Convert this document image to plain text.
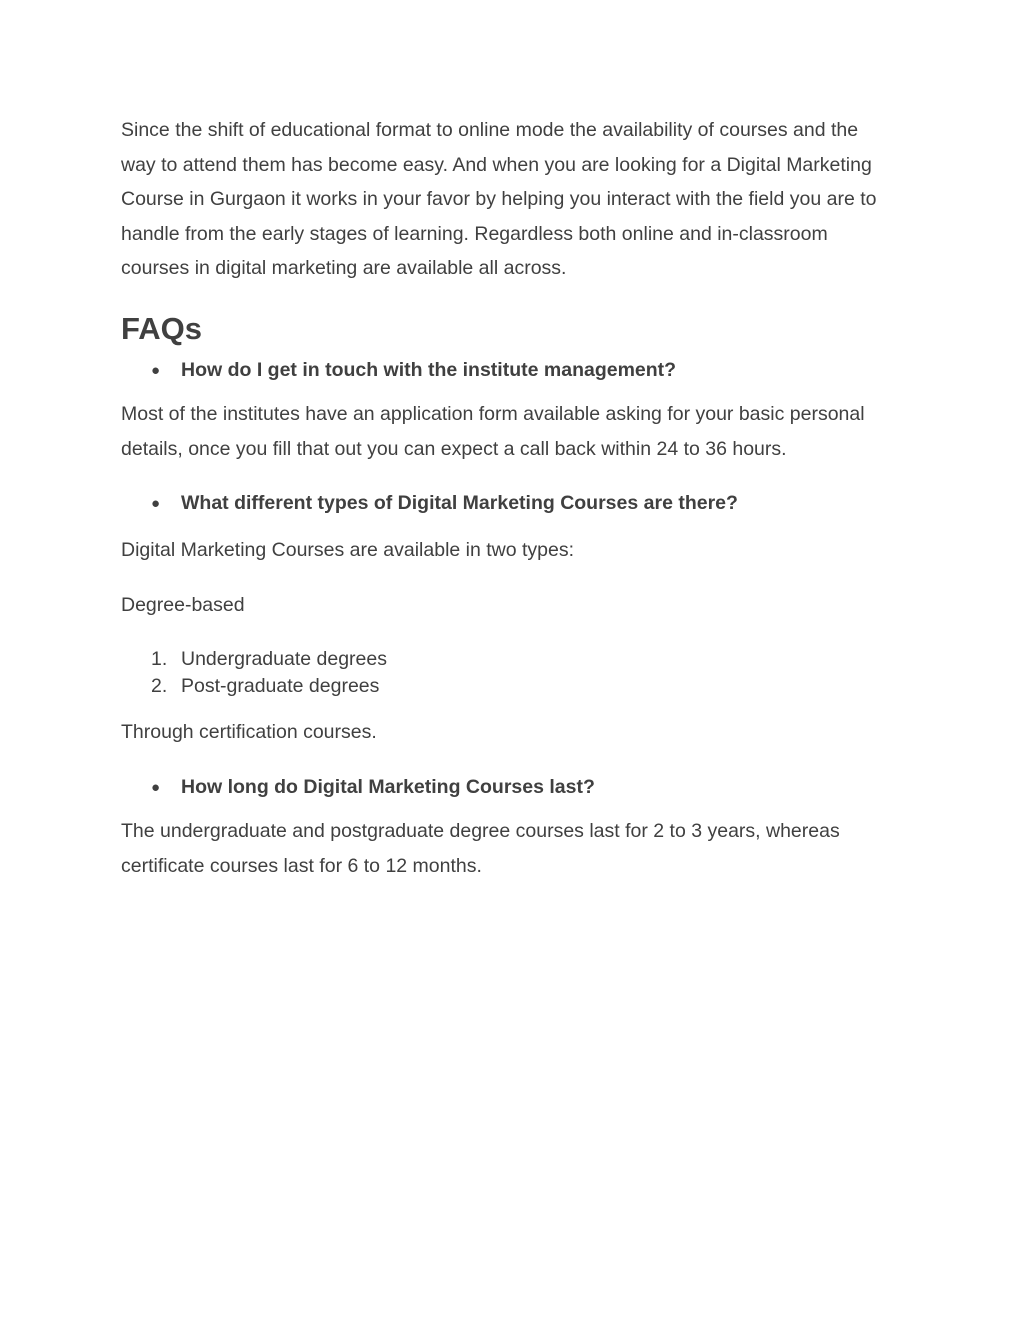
Since the shift of educational format to online mode the availability of courses and the
way to attend them has become easy. And when you are looking for a Digital Marketing
Course in Gurgaon it works in your favor by helping you interact with the field you are to
handle from the early stages of learning. Regardless both online and in-classroom
courses in digital marketing are available all across.
FAQs
● How do I get in touch with the institute management?
Most of the institutes have an application form available asking for your basic personal
details, once you fill that out you can expect a call back within 24 to 36 hours.
● What different types of Digital Marketing Courses are there?
Digital Marketing Courses are available in two types:
Degree-based
1. Undergraduate degrees
2. Post-graduate degrees
Through certification courses.
● How long do Digital Marketing Courses last?
The undergraduate and postgraduate degree courses last for 2 to 3 years, whereas
certificate courses last for 6 to 12 months.
